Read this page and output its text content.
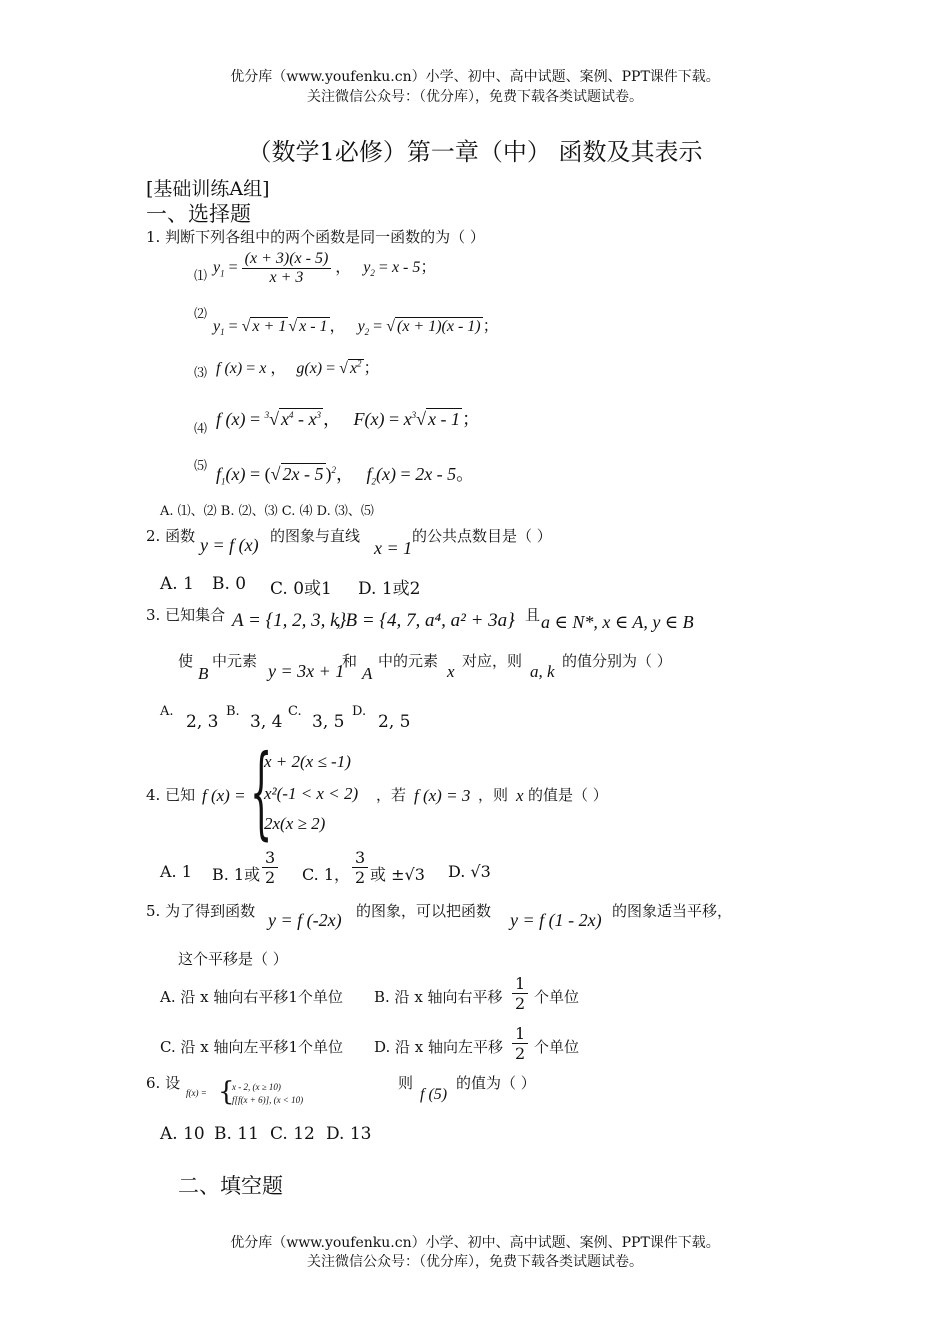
优分库（www.youfenku.cn）小学、初中、高中试题、案例、PPT课件下载。
关注微信公众号：（优分库），免费下载各类试题试卷。
（数学1必修）第一章（中） 函数及其表示
[基础训练A组]
一、选择题
1. 判断下列各组中的两个函数是同一函数的为（ ）
⑴
$y_1 = \frac{(x + 3)(x - 5)}{x + 3}$ ， $y_2 = x - 5$；
⑵
$y_1$ = √ x + 1 √ x - 1 ， $y_2$ = √ (x + 1)(x - 1) ；
⑶ f (x) = x ， g(x) = √ $x^2$ ；
⑷
f (x) = $^3$√ $x^4 - x^3$ ， $F(x) = x^3√$ x - 1 ；
⑸ $f_1(x)$ = (√ 2x - 5 )$^2$， $f_2(x) = 2x - 5$。
A. ⑴、⑵ B. ⑵、⑶ C. ⑷ D. ⑶、⑸
2. 函数 y = f (x) 的图象与直线
x = 1
的公共点数目是（ ）
A. 1 B. 0 C. 0或1 D. 1或2
3. 已知集合 A = {1, 2, 3, k}
, B = {4, 7, a⁴, a² + 3a}
，且 a ∈ N*, x ∈ A, y ∈ B
使
B
中元素 y = 3x + 1
和
A
中的元素
x
对应，则
a, k
的值分别为（ ）
A.
2, 3
B.
3, 4
C.
3, 5
D.
2, 5
4. 已知 f (x) = {
x + 2(x ≤ -1)
x²(-1 < x < 2)
2x(x ≥ 2)
，若 f (x) = 3 ，则 x 的值是（ ）
A. 1 B. 1或 $\frac{3}{2} C$. 1， $\frac{3}{2}$ 或 ±√3 D. √3
5. 为了得到函数 y = f (-2x) 的图象，可以把函数 y = f (1 - 2x) 的图象适当平移，
这个平移是（ ）
A. 沿 x 轴向右平移1个单位 B. 沿 x 轴向右平移 $\frac{1}{2}$ 个单位
C. 沿 x 轴向左平移1个单位 D. 沿 x 轴向左平移 $\frac{1}{2}$ 个单位
6. 设
f(x) = {
x - 2, (x ≥ 10)
f[f(x + 6)], (x < 10)
则
f (5)
的值为（ ）
A. 10 B. 11 C. 12 D. 13
二、填空题
优分库（www.youfenku.cn）小学、初中、高中试题、案例、PPT课件下载。
关注微信公众号：（优分库），免费下载各类试题试卷。
